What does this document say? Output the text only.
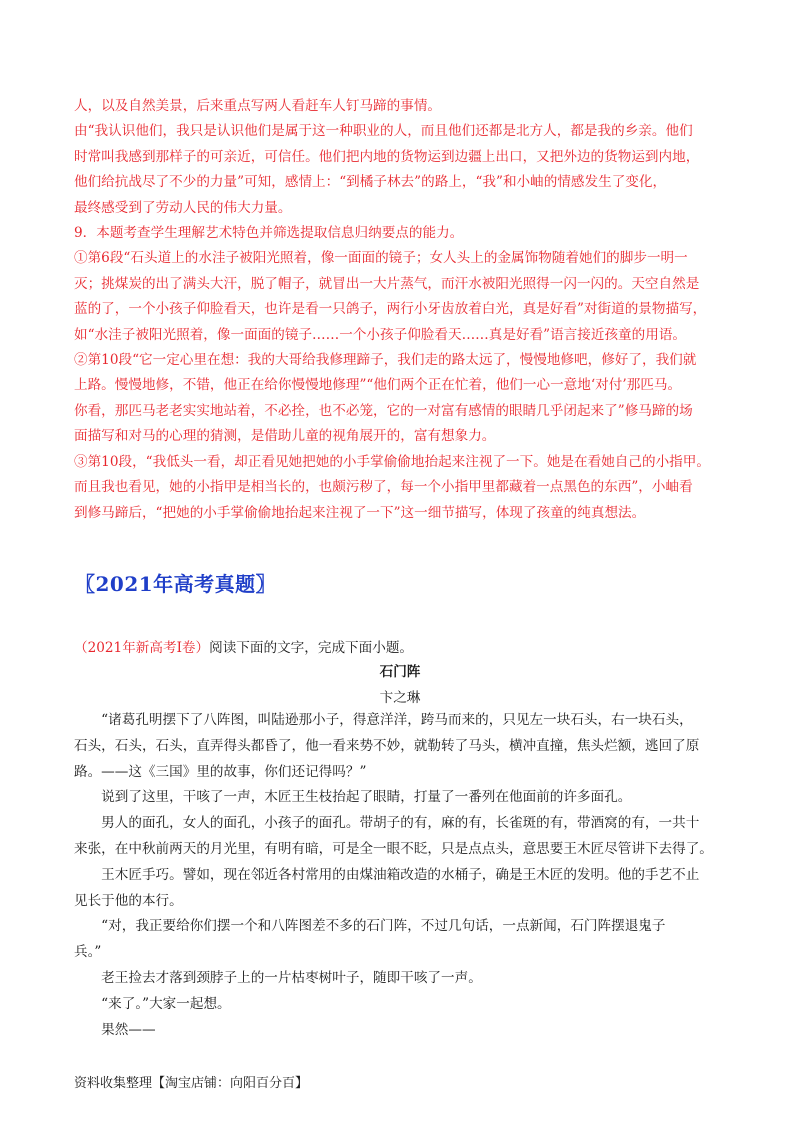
人，以及自然美景，后来重点写两人看赶车人钉马蹄的事情。

由“我认识他们，我只是认识他们是属于这一种职业的人，而且他们还都是北方人，都是我的乡亲。他们

时常叫我感到那样子的可亲近，可信任。他们把内地的货物运到边疆上出口，又把外边的货物运到内地，

他们给抗战尽了不少的力量”可知，感情上：“到橘子林去”的路上，“我”和小岫的情感发生了变化，

最终感受到了劳动人民的伟大力量。

9．本题考查学生理解艺术特色并筛选提取信息归纳要点的能力。

①第6段“石头道上的水洼子被阳光照着，像一面面的镜子；女人头上的金属饰物随着她们的脚步一明一

灭；挑煤炭的出了满头大汗，脱了帽子，就冒出一大片蒸气，而汗水被阳光照得一闪一闪的。天空自然是

蓝的了，一个小孩子仰脸看天，也许是看一只鸽子，两行小牙齿放着白光，真是好看”对街道的景物描写，

如“水洼子被阳光照着，像一面面的镜子……一个小孩子仰脸看天……真是好看”语言接近孩童的用语。

②第10段“它一定心里在想：我的大哥给我修理蹄子，我们走的路太远了，慢慢地修吧，修好了，我们就

上路。慢慢地修，不错，他正在给你慢慢地修理”“他们两个正在忙着，他们一心一意地‘对付’那匹马。

你看，那匹马老老实实地站着，不必拴，也不必笼，它的一对富有感情的眼睛几乎闭起来了”修马蹄的场

面描写和对马的心理的猜测，是借助儿童的视角展开的，富有想象力。

③第10段，“我低头一看，却正看见她把她的小手掌偷偷地抬起来注视了一下。她是在看她自己的小指甲。

而且我也看见，她的小指甲是相当长的，也颇污秽了，每一个小指甲里都藏着一点黑色的东西”，小岫看

到修马蹄后，“把她的小手掌偷偷地抬起来注视了一下”这一细节描写，体现了孩童的纯真想法。

〖2021年高考真题〗
（2021年新高考Ⅰ卷）阅读下面的文字，完成下面小题。
石门阵
卞之琳

　　“诸葛孔明摆下了八阵图，叫陆逊那小子，得意洋洋，跨马而来的，只见左一块石头，右一块石头，

石头，石头，石头，直弄得头都昏了，他一看来势不妙，就勒转了马头，横冲直撞，焦头烂额，逃回了原

路。——这《三国》里的故事，你们还记得吗？”

　　说到了这里，干咳了一声，木匠王生枝抬起了眼睛，打量了一番列在他面前的许多面孔。

　　男人的面孔，女人的面孔，小孩子的面孔。带胡子的有，麻的有，长雀斑的有，带酒窝的有，一共十

来张，在中秋前两天的月光里，有明有暗，可是全一眼不眨，只是点点头，意思要王木匠尽管讲下去得了。

　　王木匠手巧。譬如，现在邻近各村常用的由煤油箱改造的水桶子，确是王木匠的发明。他的手艺不止

见长于他的本行。

　　“对，我正要给你们摆一个和八阵图差不多的石门阵，不过几句话，一点新闻，石门阵摆退鬼子

兵。”

　　老王捡去才落到颈脖子上的一片枯枣树叶子，随即干咳了一声。

　　“来了。”大家一起想。

　　果然——

资料收集整理【淘宝店铺：向阳百分百】
